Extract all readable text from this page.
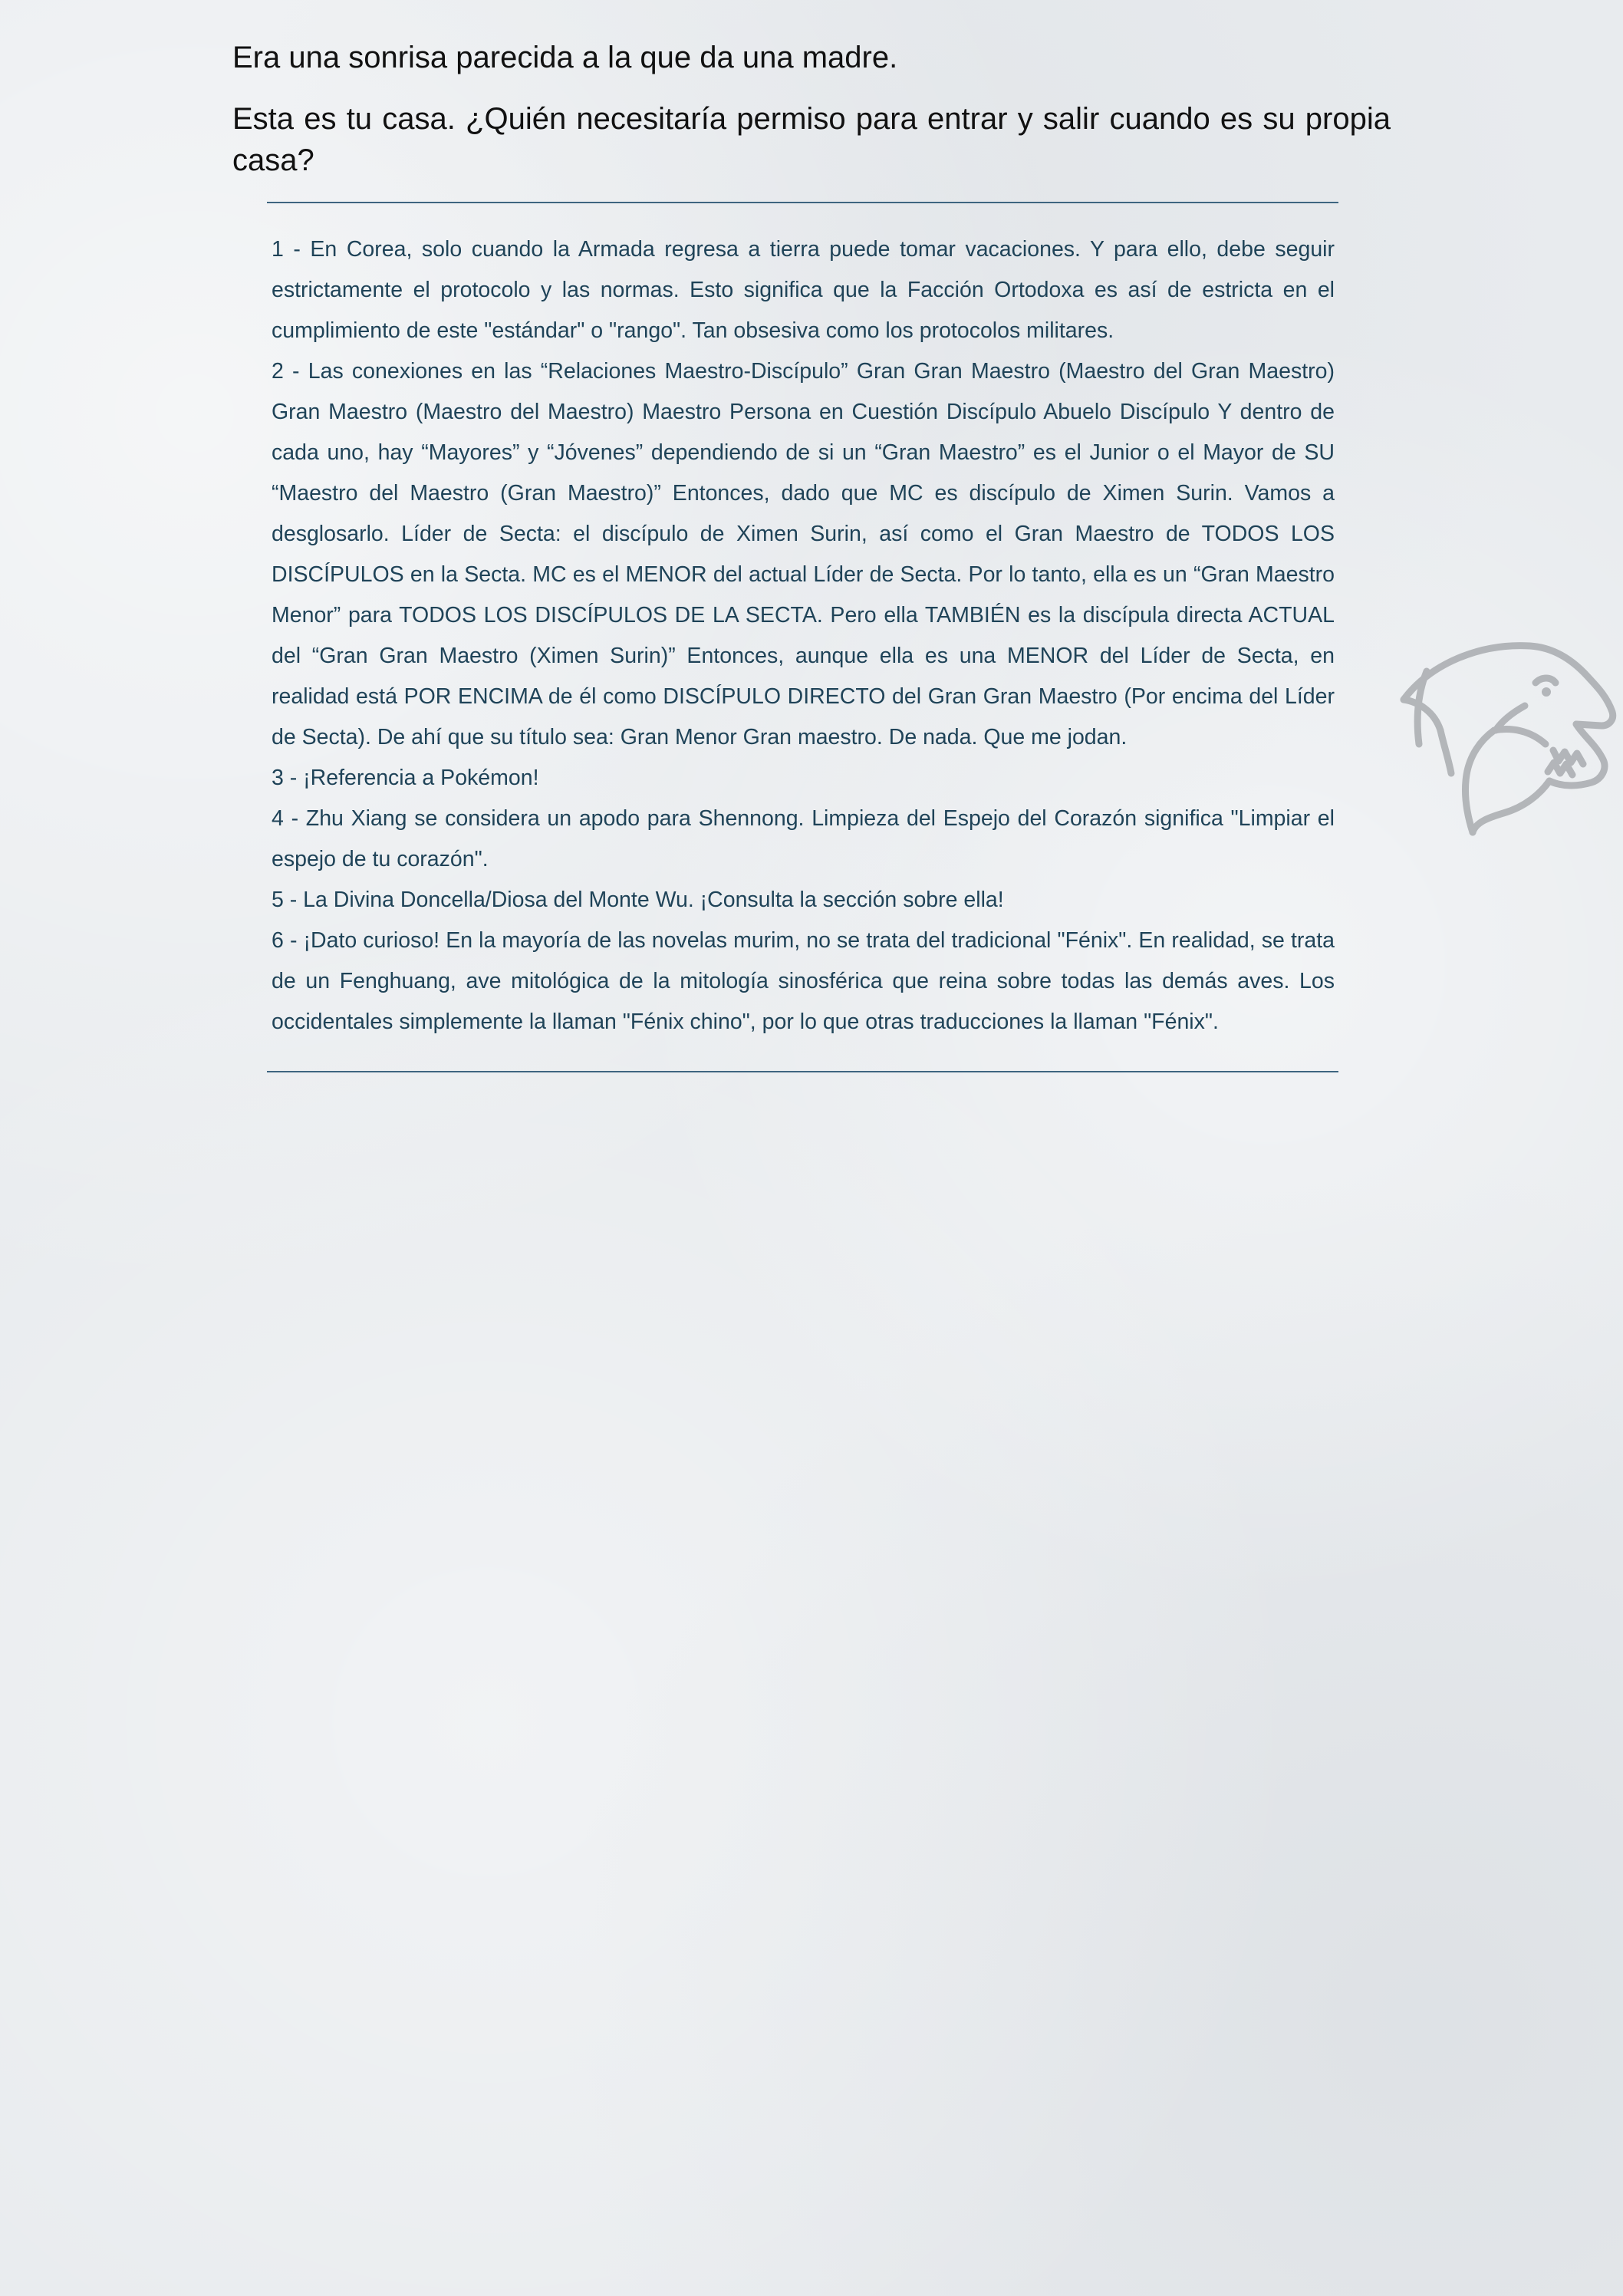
Era una sonrisa parecida a la que da una madre.

Esta es tu casa. ¿Quién necesitaría permiso para entrar y salir cuando es su propia casa?

1 - En Corea, solo cuando la Armada regresa a tierra puede tomar vacaciones. Y para ello, debe seguir estrictamente el protocolo y las normas. Esto significa que la Facción Ortodoxa es así de estricta en el cumplimiento de este "estándar" o "rango". Tan obsesiva como los protocolos militares.

2 - Las conexiones en las “Relaciones Maestro-Discípulo” Gran Gran Maestro (Maestro del Gran Maestro) Gran Maestro (Maestro del Maestro) Maestro Persona en Cuestión Discípulo Abuelo Discípulo Y dentro de cada uno, hay “Mayores” y “Jóvenes” dependiendo de si un “Gran Maestro” es el Junior o el Mayor de SU “Maestro del Maestro (Gran Maestro)” Entonces, dado que MC es discípulo de Ximen Surin. Vamos a desglosarlo. Líder de Secta: el discípulo de Ximen Surin, así como el Gran Maestro de TODOS LOS DISCÍPULOS en la Secta. MC es el MENOR del actual Líder de Secta. Por lo tanto, ella es un “Gran Maestro Menor” para TODOS LOS DISCÍPULOS DE LA SECTA. Pero ella TAMBIÉN es la discípula directa ACTUAL del “Gran Gran Maestro (Ximen Surin)” Entonces, aunque ella es una MENOR del Líder de Secta, en realidad está POR ENCIMA de él como DISCÍPULO DIRECTO del Gran Gran Maestro (Por encima del Líder de Secta). De ahí que su título sea: Gran Menor Gran maestro. De nada. Que me jodan.

3 - ¡Referencia a Pokémon!

4 - Zhu Xiang se considera un apodo para Shennong. Limpieza del Espejo del Corazón significa "Limpiar el espejo de tu corazón".

5 - La Divina Doncella/Diosa del Monte Wu. ¡Consulta la sección sobre ella!

6 - ¡Dato curioso! En la mayoría de las novelas murim, no se trata del tradicional "Fénix". En realidad, se trata de un Fenghuang, ave mitológica de la mitología sinosférica que reina sobre todas las demás aves. Los occidentales simplemente la llaman "Fénix chino", por lo que otras traducciones la llaman "Fénix".
